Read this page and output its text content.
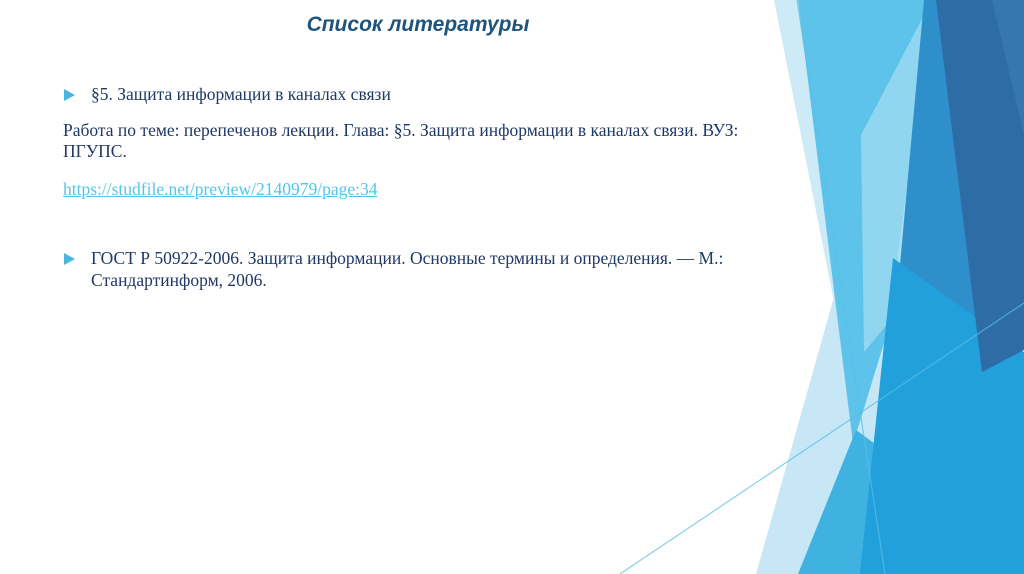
Список литературы
§5. Защита информации в каналах связи

Работа по теме: перепеченов лекции. Глава: §5. Защита информации в каналах связи. ВУЗ: ПГУПС.

https://studfile.net/preview/2140979/page:34

ГОСТ Р 50922-2006. Защита информации. Основные термины и определения. — М.: Стандартинформ, 2006.
